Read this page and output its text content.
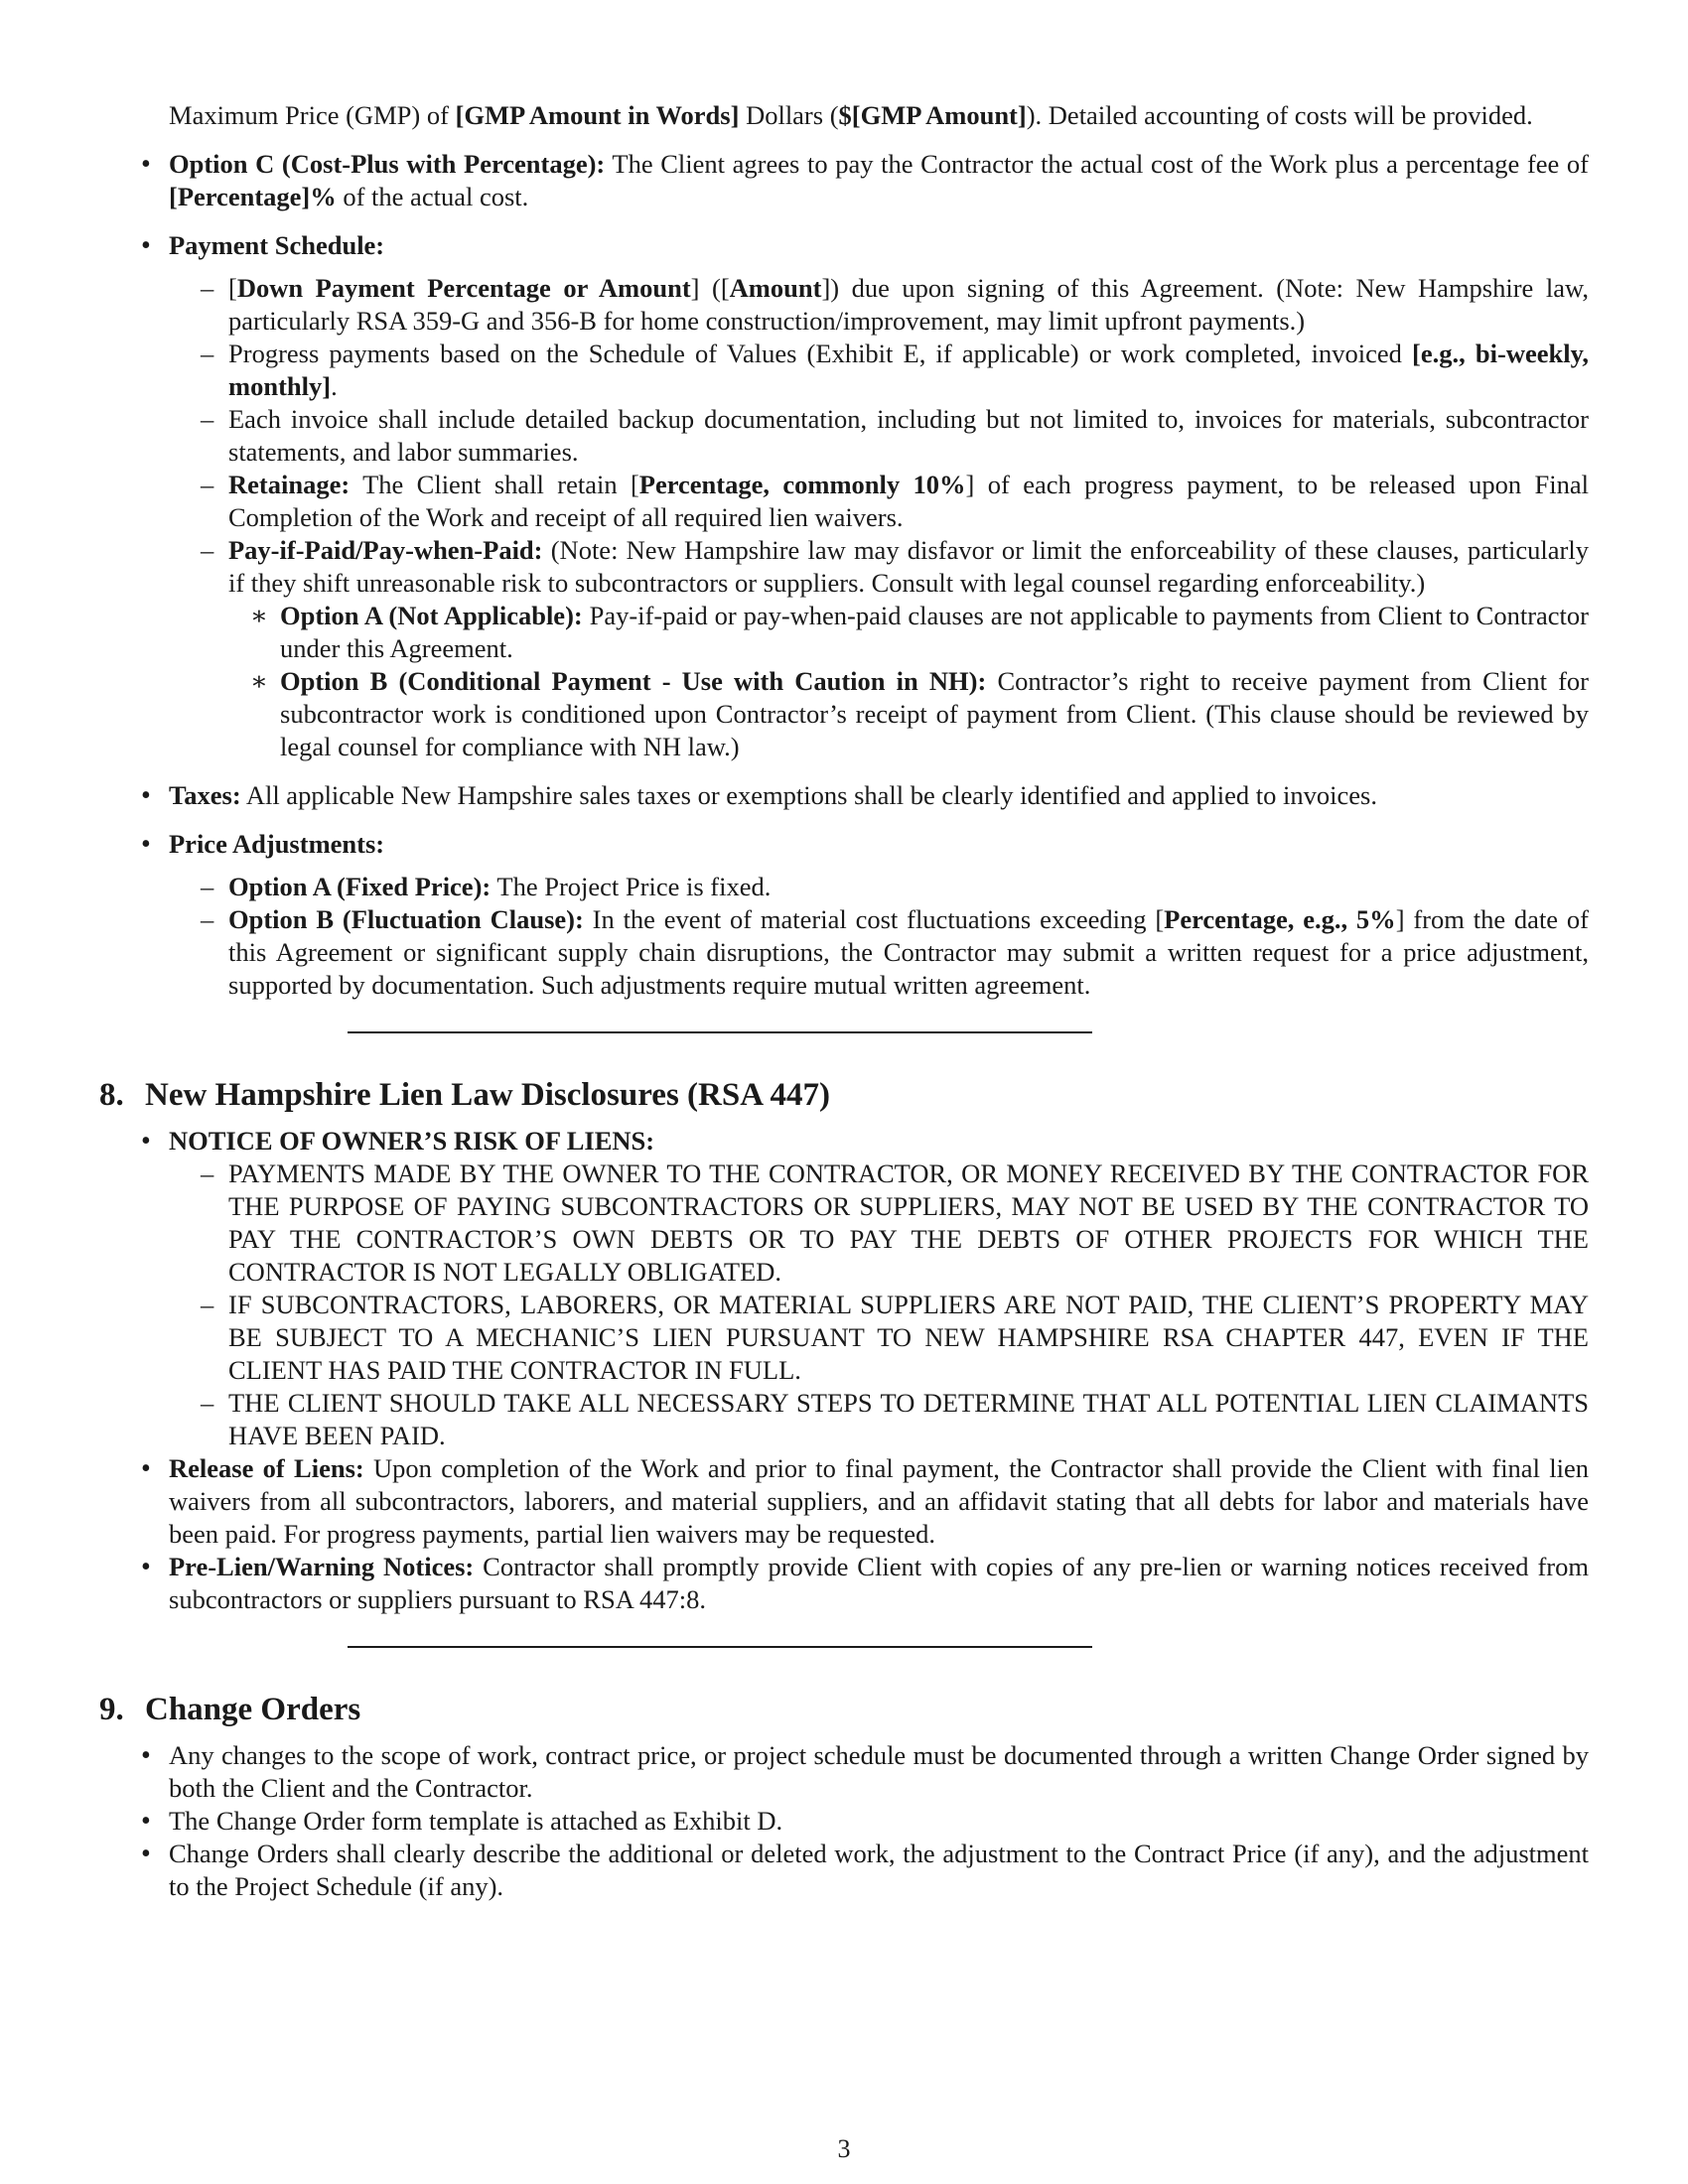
Maximum Price (GMP) of [GMP Amount in Words] Dollars ($[GMP Amount]). Detailed accounting of costs will be provided.

• Option C (Cost-Plus with Percentage): The Client agrees to pay the Contractor the actual cost of the Work plus a percentage fee of [Percentage]% of the actual cost.
• Payment Schedule:
– [Down Payment Percentage or Amount] ([Amount]) due upon signing of this Agreement. (Note: New Hampshire law, particularly RSA 359-G and 356-B for home construction/improvement, may limit upfront payments.)
– Progress payments based on the Schedule of Values (Exhibit E, if applicable) or work completed, invoiced [e.g., bi-weekly, monthly].
– Each invoice shall include detailed backup documentation, including but not limited to, invoices for materials, subcontractor statements, and labor summaries.
– Retainage: The Client shall retain [Percentage, commonly 10%] of each progress payment, to be released upon Final Completion of the Work and receipt of all required lien waivers.
– Pay-if-Paid/Pay-when-Paid: (Note: New Hampshire law may disfavor or limit the enforceability of these clauses, particularly if they shift unreasonable risk to subcontractors or suppliers. Consult with legal counsel regarding enforceability.)
∗ Option A (Not Applicable): Pay-if-paid or pay-when-paid clauses are not applicable to payments from Client to Contractor under this Agreement.
∗ Option B (Conditional Payment - Use with Caution in NH): Contractor’s right to receive payment from Client for subcontractor work is conditioned upon Contractor’s receipt of payment from Client. (This clause should be reviewed by legal counsel for compliance with NH law.)
• Taxes: All applicable New Hampshire sales taxes or exemptions shall be clearly identified and applied to invoices.
• Price Adjustments:
– Option A (Fixed Price): The Project Price is fixed.
– Option B (Fluctuation Clause): In the event of material cost fluctuations exceeding [Percentage, e.g., 5%] from the date of this Agreement or significant supply chain disruptions, the Contractor may submit a written request for a price adjustment, supported by documentation. Such adjustments require mutual written agreement.
8. New Hampshire Lien Law Disclosures (RSA 447)
• NOTICE OF OWNER’S RISK OF LIENS:
– PAYMENTS MADE BY THE OWNER TO THE CONTRACTOR, OR MONEY RECEIVED BY THE CONTRACTOR FOR THE PURPOSE OF PAYING SUBCONTRACTORS OR SUPPLIERS, MAY NOT BE USED BY THE CONTRACTOR TO PAY THE CONTRACTOR’S OWN DEBTS OR TO PAY THE DEBTS OF OTHER PROJECTS FOR WHICH THE CONTRACTOR IS NOT LEGALLY OBLIGATED.
– IF SUBCONTRACTORS, LABORERS, OR MATERIAL SUPPLIERS ARE NOT PAID, THE CLIENT’S PROPERTY MAY BE SUBJECT TO A MECHANIC’S LIEN PURSUANT TO NEW HAMPSHIRE RSA CHAPTER 447, EVEN IF THE CLIENT HAS PAID THE CONTRACTOR IN FULL.
– THE CLIENT SHOULD TAKE ALL NECESSARY STEPS TO DETERMINE THAT ALL POTENTIAL LIEN CLAIMANTS HAVE BEEN PAID.
• Release of Liens: Upon completion of the Work and prior to final payment, the Contractor shall provide the Client with final lien waivers from all subcontractors, laborers, and material suppliers, and an affidavit stating that all debts for labor and materials have been paid. For progress payments, partial lien waivers may be requested.
• Pre-Lien/Warning Notices: Contractor shall promptly provide Client with copies of any pre-lien or warning notices received from subcontractors or suppliers pursuant to RSA 447:8.
9. Change Orders
• Any changes to the scope of work, contract price, or project schedule must be documented through a written Change Order signed by both the Client and the Contractor.
• The Change Order form template is attached as Exhibit D.
• Change Orders shall clearly describe the additional or deleted work, the adjustment to the Contract Price (if any), and the adjustment to the Project Schedule (if any).
3
